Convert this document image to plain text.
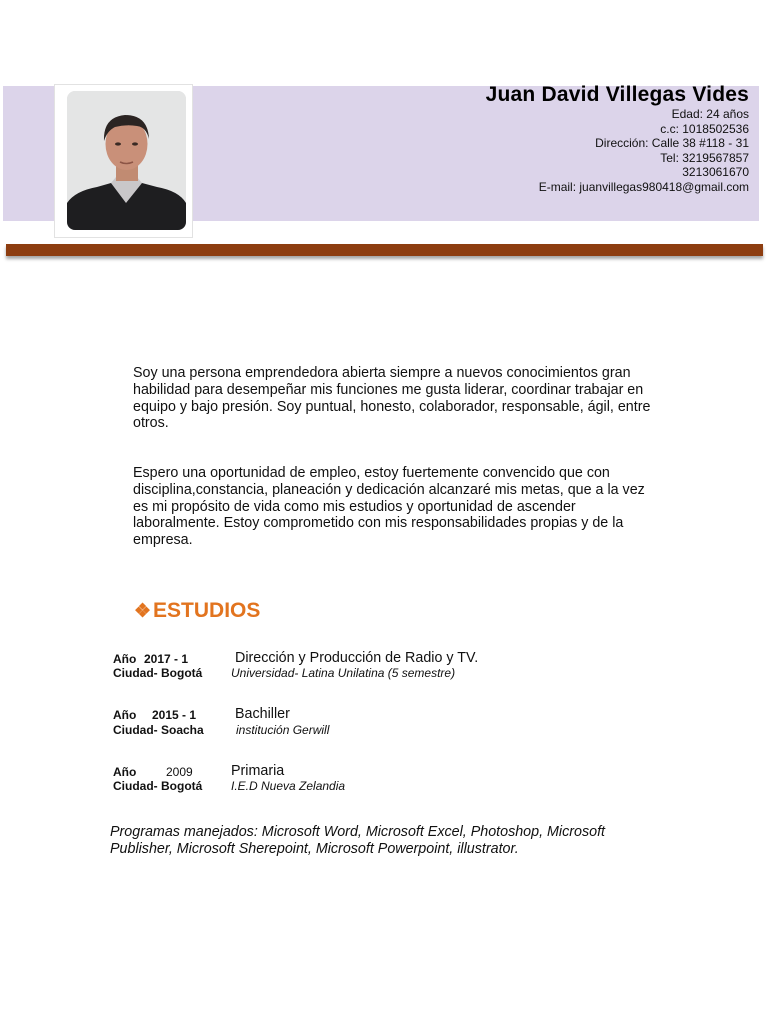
Juan David Villegas Vides
Edad: 24 años
c.c: 1018502536
Dirección: Calle 38 #118 - 31
Tel: 3219567857
3213061670
E-mail: juanvillegas980418@gmail.com
Soy una persona emprendedora abierta siempre a nuevos conocimientos gran habilidad para desempeñar mis funciones me gusta liderar, coordinar trabajar en equipo y bajo presión. Soy puntual, honesto, colaborador, responsable, ágil, entre otros.
Espero una oportunidad de empleo, estoy fuertemente convencido que con disciplina,constancia, planeación y dedicación alcanzaré mis metas, que a la vez es mi propósito de vida como mis estudios y oportunidad de ascender laboralmente. Estoy comprometido con mis responsabilidades propias y de la empresa.
❖ESTUDIOS
Año 2017 - 1
Ciudad- Bogotá
Dirección y Producción de Radio y TV.
Universidad- Latina Unilatina (5 semestre)
Año 2015 - 1
Ciudad- Soacha
Bachiller
institución Gerwill
Año 2009
Ciudad- Bogotá
Primaria
I.E.D Nueva Zelandia
Programas manejados: Microsoft Word, Microsoft Excel, Photoshop, Microsoft Publisher, Microsoft Sherepoint, Microsoft Powerpoint, illustrator.
